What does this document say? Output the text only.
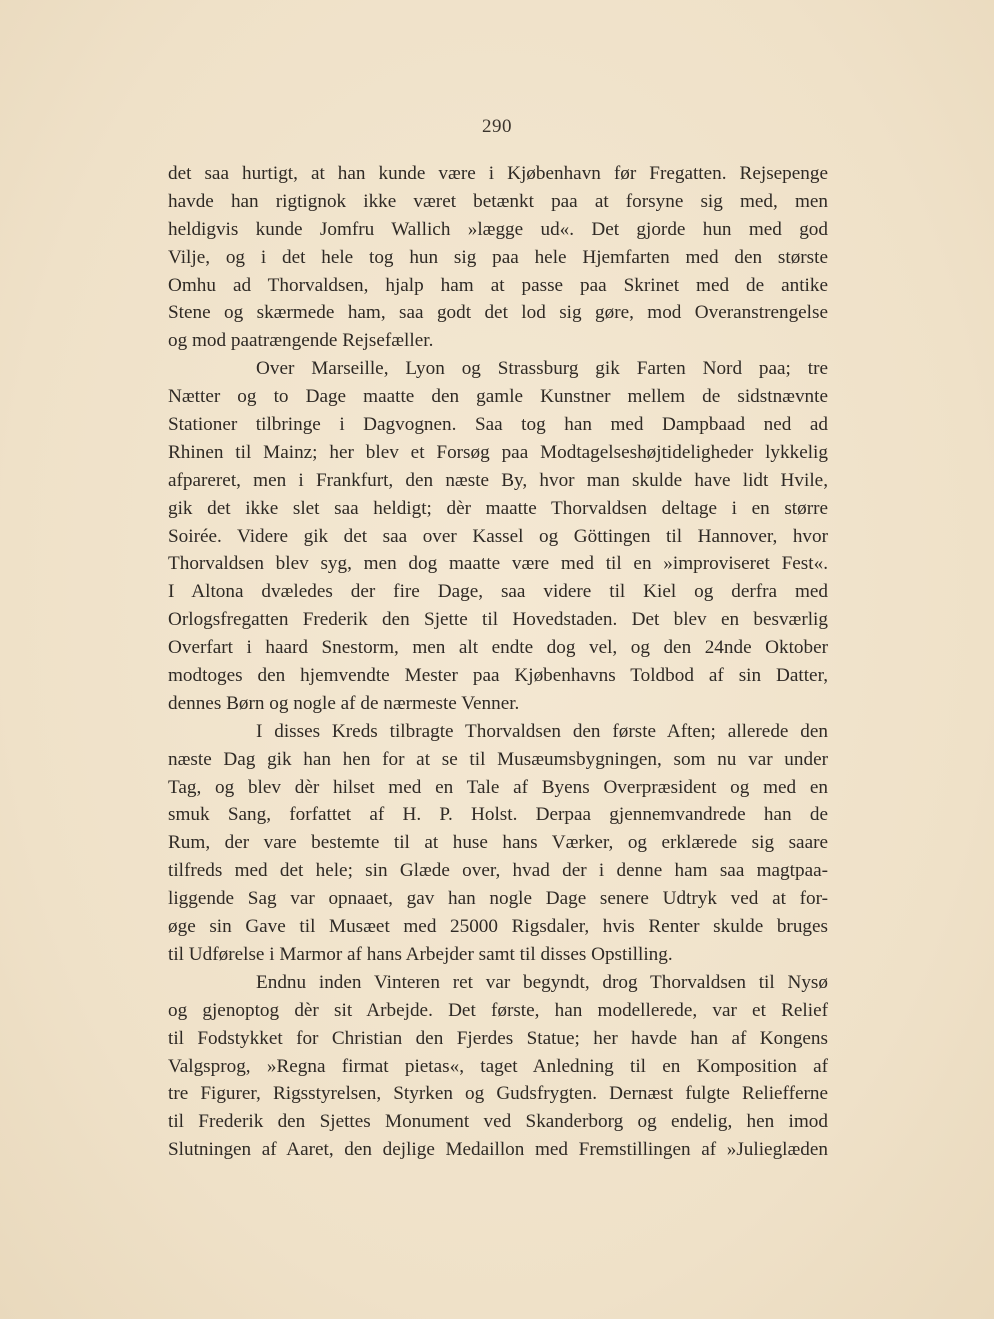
290
det saa hurtigt, at han kunde være i Kjøbenhavn før Fregatten. Rejsepenge
havde han rigtignok ikke været betænkt paa at forsyne sig med, men
heldigvis kunde Jomfru Wallich »lægge ud«. Det gjorde hun med god
Vilje, og i det hele tog hun sig paa hele Hjemfarten med den største
Omhu ad Thorvaldsen, hjalp ham at passe paa Skrinet med de antike
Stene og skærmede ham, saa godt det lod sig gøre, mod Overanstrengelse
og mod paatrængende Rejsefæller.
Over Marseille, Lyon og Strassburg gik Farten Nord paa; tre
Nætter og to Dage maatte den gamle Kunstner mellem de sidstnævnte
Stationer tilbringe i Dagvognen. Saa tog han med Dampbaad ned ad
Rhinen til Mainz; her blev et Forsøg paa Modtagelseshøjtideligheder lykkelig
afpareret, men i Frankfurt, den næste By, hvor man skulde have lidt Hvile,
gik det ikke slet saa heldigt; dèr maatte Thorvaldsen deltage i en større
Soirée. Videre gik det saa over Kassel og Göttingen til Hannover, hvor
Thorvaldsen blev syg, men dog maatte være med til en »improviseret Fest«.
I Altona dvæledes der fire Dage, saa videre til Kiel og derfra med
Orlogsfregatten Frederik den Sjette til Hovedstaden. Det blev en besværlig
Overfart i haard Snestorm, men alt endte dog vel, og den 24nde Oktober
modtoges den hjemvendte Mester paa Kjøbenhavns Toldbod af sin Datter,
dennes Børn og nogle af de nærmeste Venner.
I disses Kreds tilbragte Thorvaldsen den første Aften; allerede den
næste Dag gik han hen for at se til Musæumsbygningen, som nu var under
Tag, og blev dèr hilset med en Tale af Byens Overpræsident og med en
smuk Sang, forfattet af H. P. Holst. Derpaa gjennemvandrede han de
Rum, der vare bestemte til at huse hans Værker, og erklærede sig saare
tilfreds med det hele; sin Glæde over, hvad der i denne ham saa magtpaa-
liggende Sag var opnaaet, gav han nogle Dage senere Udtryk ved at for-
øge sin Gave til Musæet med 25000 Rigsdaler, hvis Renter skulde bruges
til Udførelse i Marmor af hans Arbejder samt til disses Opstilling.
Endnu inden Vinteren ret var begyndt, drog Thorvaldsen til Nysø
og gjenoptog dèr sit Arbejde. Det første, han modellerede, var et Relief
til Fodstykket for Christian den Fjerdes Statue; her havde han af Kongens
Valgsprog, »Regna firmat pietas«, taget Anledning til en Komposition af
tre Figurer, Rigsstyrelsen, Styrken og Gudsfrygten. Dernæst fulgte Reliefferne
til Frederik den Sjettes Monument ved Skanderborg og endelig, hen imod
Slutningen af Aaret, den dejlige Medaillon med Fremstillingen af »Julieglæden
